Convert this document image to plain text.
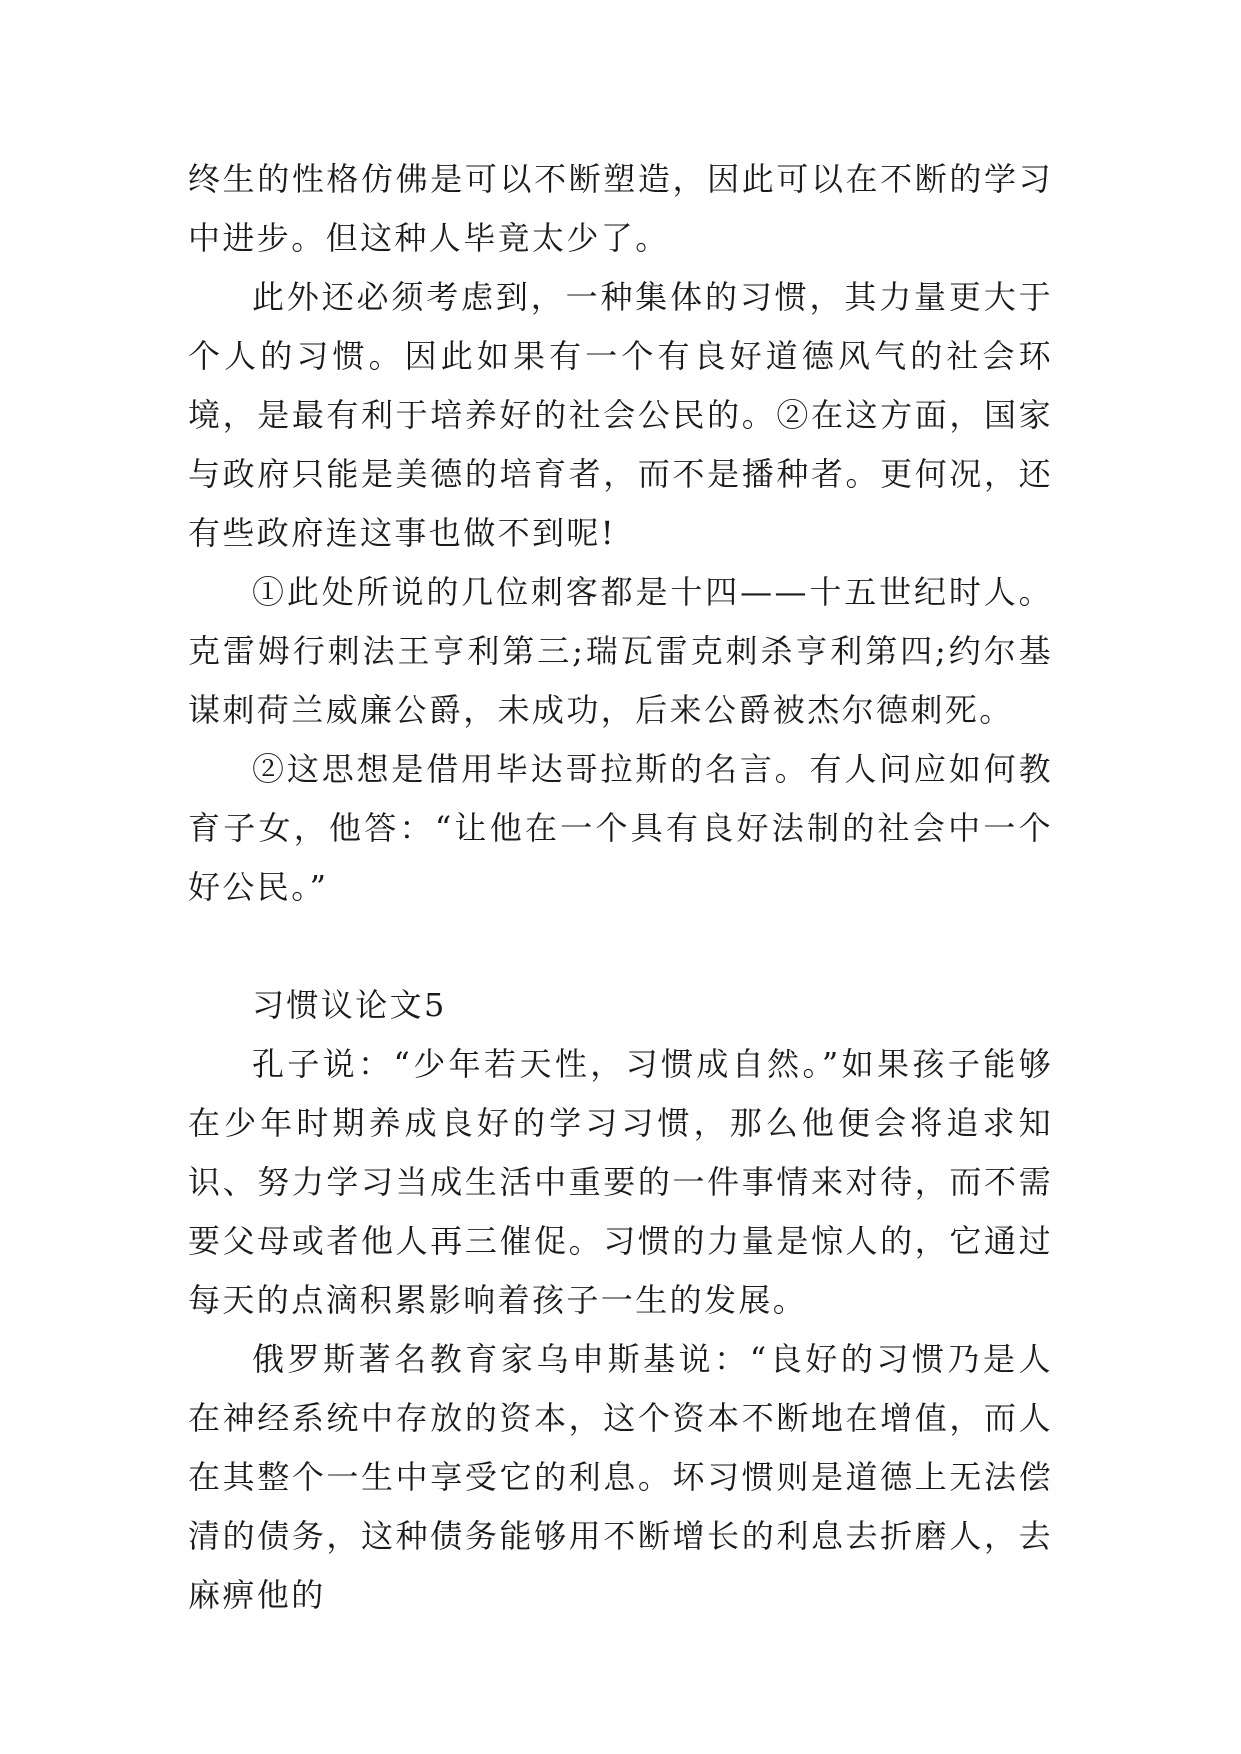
终生的性格仿佛是可以不断塑造，因此可以在不断的学习中进步。但这种人毕竟太少了。

此外还必须考虑到，一种集体的习惯，其力量更大于个人的习惯。因此如果有一个有良好道德风气的社会环境，是最有利于培养好的社会公民的。②在这方面，国家与政府只能是美德的培育者，而不是播种者。更何况，还有些政府连这事也做不到呢!

①此处所说的几位刺客都是十四——十五世纪时人。克雷姆行刺法王亨利第三;瑞瓦雷克刺杀亨利第四;约尔基谋刺荷兰威廉公爵，未成功，后来公爵被杰尔德刺死。

②这思想是借用毕达哥拉斯的名言。有人问应如何教育子女，他答：“让他在一个具有良好法制的社会中一个好公民。”

习惯议论文5

孔子说：“少年若天性，习惯成自然。”如果孩子能够在少年时期养成良好的学习习惯，那么他便会将追求知识、努力学习当成生活中重要的一件事情来对待，而不需要父母或者他人再三催促。习惯的力量是惊人的，它通过每天的点滴积累影响着孩子一生的发展。

俄罗斯著名教育家乌申斯基说：“良好的习惯乃是人在神经系统中存放的资本，这个资本不断地在增值，而人在其整个一生中享受它的利息。坏习惯则是道德上无法偿清的债务，这种债务能够用不断增长的利息去折磨人，去麻痹他的
